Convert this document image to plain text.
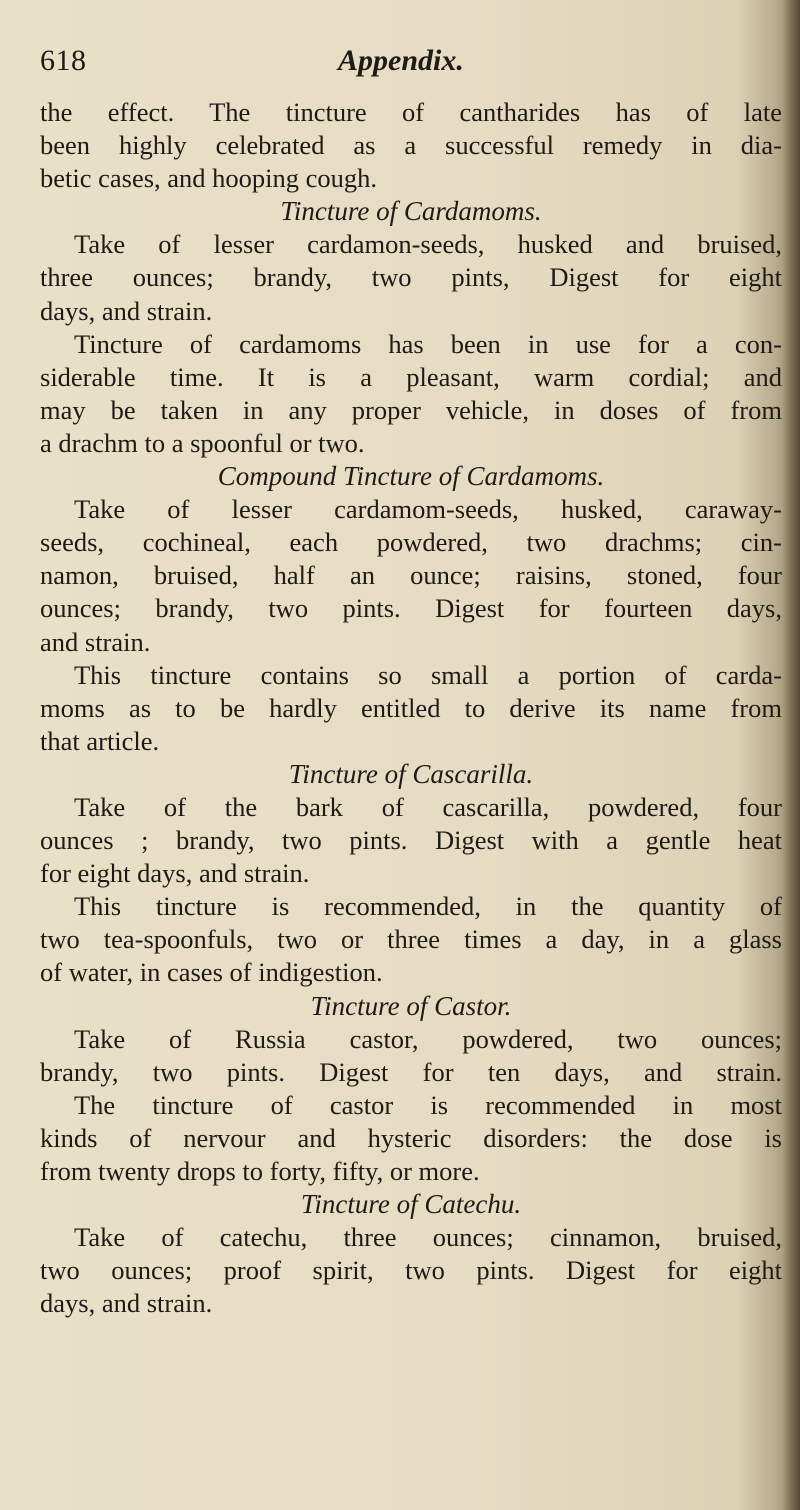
618	Appendix.
the effect. The tincture of cantharides has of late
been highly celebrated as a successful remedy in dia-
betic cases, and hooping cough.
Tincture of Cardamoms.
Take of lesser cardamon-seeds, husked and bruised,
three ounces; brandy, two pints, Digest for eight
days, and strain.
Tincture of cardamoms has been in use for a con-
siderable time. It is a pleasant, warm cordial; and
may be taken in any proper vehicle, in doses of from
a drachm to a spoonful or two.
Compound Tincture of Cardamoms.
Take of lesser cardamom-seeds, husked, caraway-
seeds, cochineal, each powdered, two drachms; cin-
namon, bruised, half an ounce; raisins, stoned, four
ounces; brandy, two pints. Digest for fourteen days,
and strain.
This tincture contains so small a portion of carda-
moms as to be hardly entitled to derive its name from
that article.
Tincture of Cascarilla.
Take of the bark of cascarilla, powdered, four
ounces ; brandy, two pints. Digest with a gentle heat
for eight days, and strain.
This tincture is recommended, in the quantity of
two tea-spoonfuls, two or three times a day, in a glass
of water, in cases of indigestion.
Tincture of Castor.
Take of Russia castor, powdered, two ounces;
brandy, two pints. Digest for ten days, and strain.
The tincture of castor is recommended in most
kinds of nervour and hysteric disorders: the dose is
from twenty drops to forty, fifty, or more.
Tincture of Catechu.
Take of catechu, three ounces; cinnamon, bruised,
two ounces; proof spirit, two pints. Digest for eight
days, and strain.
